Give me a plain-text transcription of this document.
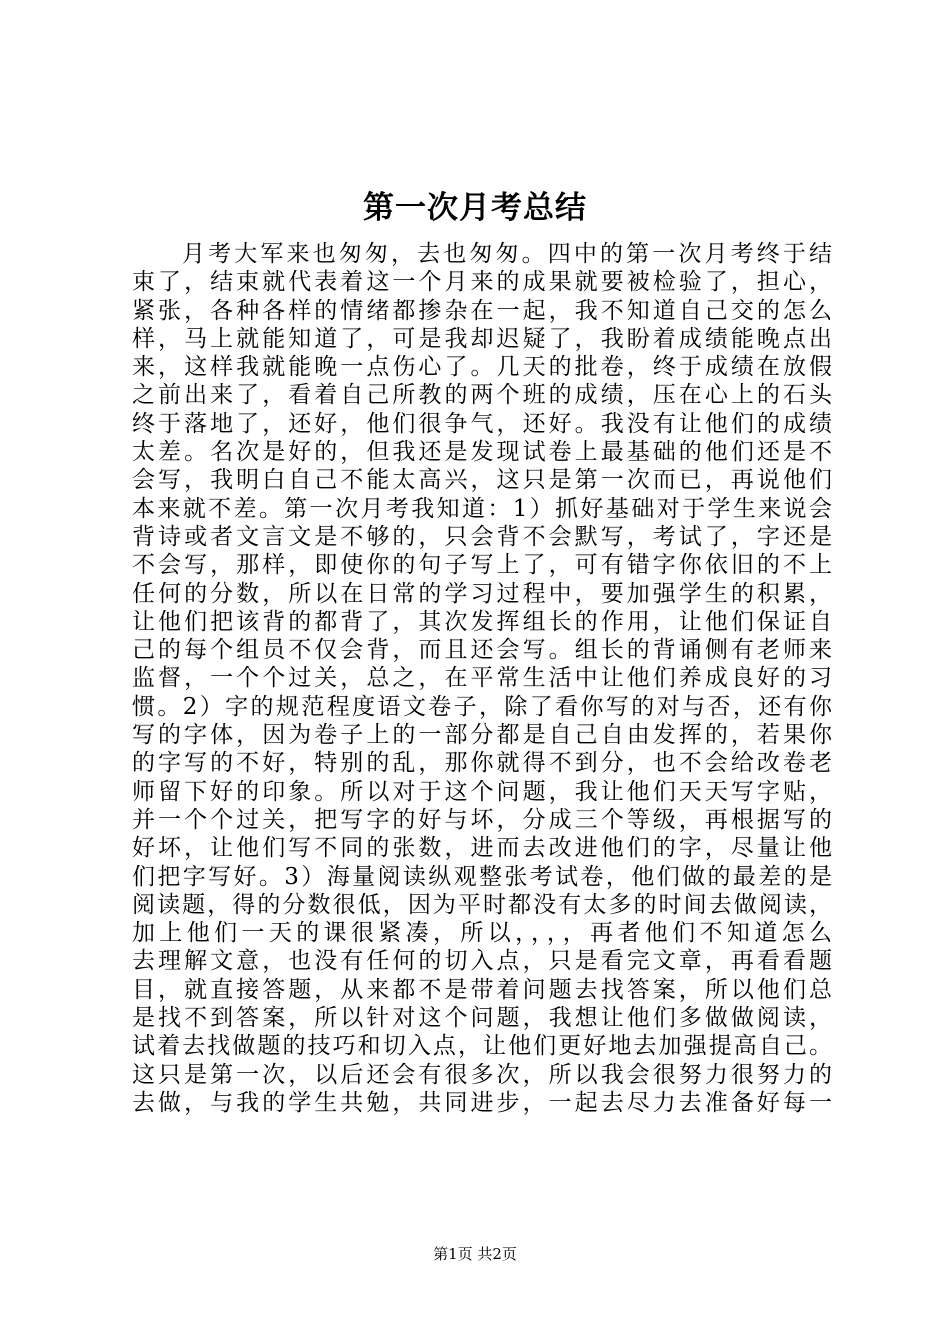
第一次月考总结
月考大军来也匆匆，去也匆匆。四中的第一次月考终于结
束了，结束就代表着这一个月来的成果就要被检验了，担心，
紧张，各种各样的情绪都掺杂在一起，我不知道自己交的怎么
样，马上就能知道了，可是我却迟疑了，我盼着成绩能晚点出
来，这样我就能晚一点伤心了。几天的批卷，终于成绩在放假
之前出来了，看着自己所教的两个班的成绩，压在心上的石头
终于落地了，还好，他们很争气，还好。我没有让他们的成绩
太差。名次是好的，但我还是发现试卷上最基础的他们还是不
会写，我明白自己不能太高兴，这只是第一次而已，再说他们
本来就不差。第一次月考我知道：1）抓好基础对于学生来说会
背诗或者文言文是不够的，只会背不会默写，考试了，字还是
不会写，那样，即使你的句子写上了，可有错字你依旧的不上
任何的分数，所以在日常的学习过程中，要加强学生的积累，
让他们把该背的都背了，其次发挥组长的作用，让他们保证自
己的每个组员不仅会背，而且还会写。组长的背诵侧有老师来
监督，一个个过关，总之，在平常生活中让他们养成良好的习
惯。2）字的规范程度语文卷子，除了看你写的对与否，还有你
写的字体，因为卷子上的一部分都是自己自由发挥的，若果你
的字写的不好，特别的乱，那你就得不到分，也不会给改卷老
师留下好的印象。所以对于这个问题，我让他们天天写字贴，
并一个个过关，把写字的好与坏，分成三个等级，再根据写的
好坏，让他们写不同的张数，进而去改进他们的字，尽量让他
们把字写好。3）海量阅读纵观整张考试卷，他们做的最差的是
阅读题，得的分数很低，因为平时都没有太多的时间去做阅读，
加上他们一天的课很紧凑，所以，，，，再者他们不知道怎么
去理解文意，也没有任何的切入点，只是看完文章，再看看题
目，就直接答题，从来都不是带着问题去找答案，所以他们总
是找不到答案，所以针对这个问题，我想让他们多做做阅读，
试着去找做题的技巧和切入点，让他们更好地去加强提高自己。
这只是第一次，以后还会有很多次，所以我会很努力很努力的
去做，与我的学生共勉，共同进步，一起去尽力去准备好每一
第1页 共2页
